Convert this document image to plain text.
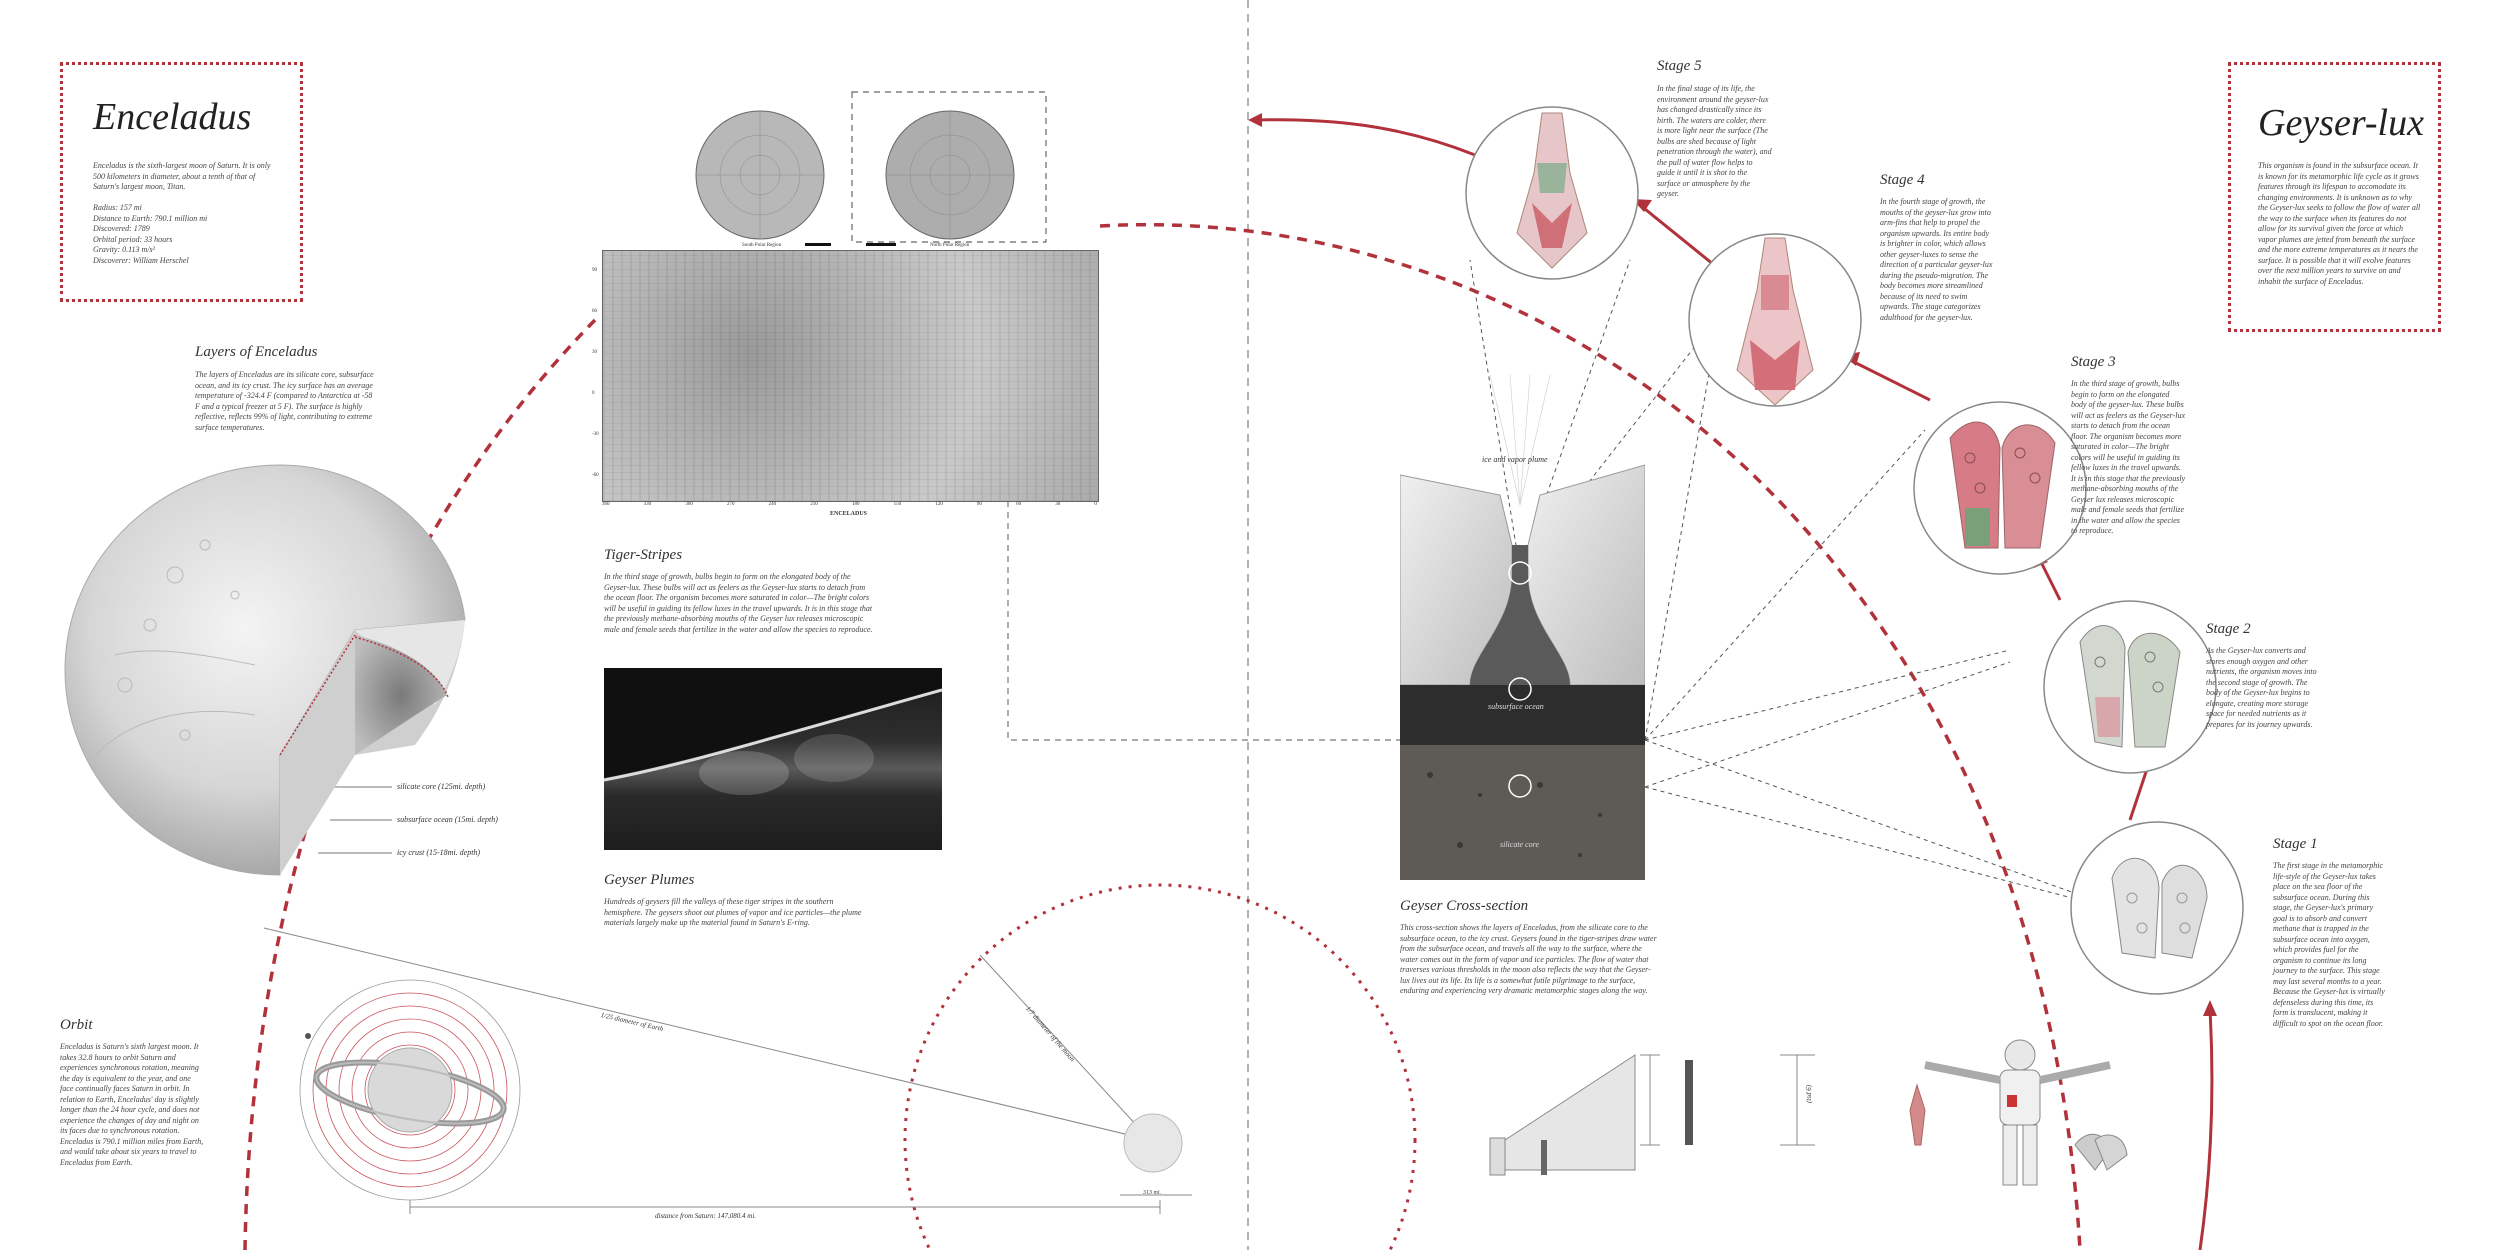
Enceladus
Enceladus is the sixth-largest moon of Saturn. It is only 500 kilometers in diameter, about a tenth of that of Saturn's largest moon, Titan.
Radius: 157 mi
Distance to Earth: 790.1 million mi
Discovered: 1789
Orbital period: 33 hours
Gravity: 0.113 m/s²
Discoverer: William Herschel
Layers of Enceladus
The layers of Enceladus are its silicate core, subsurface ocean, and its icy crust. The icy surface has an average temperature of -324.4 F (compared to Antarctica at -58 F and a typical freezer at 5 F). The surface is highly reflective, reflects 99% of light, contributing to extreme surface temperatures.
silicate core (125mi. depth)
subsurface ocean (15mi. depth)
icy crust (15-18mi. depth)
Orbit
Enceladus is Saturn's sixth largest moon. It takes 32.8 hours to orbit Saturn and experiences synchronous rotation, meaning the day is equivalent to the year, and one face continually faces Saturn in orbit. In relation to Earth, Enceladus' day is slightly longer than the 24 hour cycle, and does not experience the changes of day and night on its faces due to synchronous rotation. Enceladus is 790.1 million miles from Earth, and would take about six years to travel to Enceladus from Earth.
1/25 diameter of Earth	1/7 diameter of the moon
313 mi.
distance from Saturn: 147,080.4 mi.
South Polar Region	North Polar Region
90
60
30
0
-30
-60
360	330	300	270	240	210	180	150	120	90	60	30	0
ENCELADUS
Tiger-Stripes
In the third stage of growth, bulbs begin to form on the elongated body of the Geyser-lux. These bulbs will act as feelers as the Geyser-lux starts to detach from the ocean floor. The organism becomes more saturated in color—The bright colors will be useful in guiding its fellow luxes in the travel upwards. It is in this stage that the previously methane-absorbing mouths of the Geyser lux releases microscopic male and female seeds that fertilize in the water and allow the species to reproduce.
Geyser Plumes
Hundreds of geysers fill the valleys of these tiger stripes in the southern hemisphere. The geysers shoot out plumes of vapor and ice particles—the plume materials largely make up the material found in Saturn's E-ring.
ice and vapor plume
subsurface ocean
silicate core
Geyser Cross-section
This cross-section shows the layers of Enceladus, from the silicate core to the subsurface ocean, to the icy crust. Geysers found in the tiger-stripes draw water from the subsurface ocean, and travels all the way to the surface, where the water comes out in the form of vapor and ice particles. The flow of water that traverses various thresholds in the moon also reflects the way that the Geyser-lux lives out its life. Its life is a somewhat futile pilgrimage to the surface, enduring and experiencing very dramatic metamorphic stages along the way.
(tsd 6)
Geyser-lux
This organism is found in the subsurface ocean. It is known for its metamorphic life cycle as it grows features through its lifespan to accomodate its changing environments. It is unknown as to why the Geyser-lux seeks to follow the flow of water all the way to the surface when its features do not allow for its survival given the force at which vapor plumes are jetted from beneath the surface and the more extreme temperatures as it nears the surface. It is possible that it will evolve features over the next million years to survive on and inhabit the surface of Enceladus.
Stage 5
In the final stage of its life, the environment around the geyser-lux has changed drastically since its birth. The waters are colder, there is more light near the surface (The bulbs are shed because of light penetration through the water), and the pull of water flow helps to guide it until it is shot to the surface or atmosphere by the geyser.
Stage 4
In the fourth stage of growth, the mouths of the geyser-lux grow into arm-fins that help to propel the organism upwards. Its entire body is brighter in color, which allows other geyser-luxes to sense the direction of a particular geyser-lux during the pseudo-migration. The body becomes more streamlined because of its need to swim upwards. The stage categorizes adulthood for the geyser-lux.
Stage 3
In the third stage of growth, bulbs begin to form on the elongated body of the geyser-lux. These bulbs will act as feelers as the Geyser-lux starts to detach from the ocean floor. The organism becomes more saturated in color—The bright colors will be useful in guiding its fellow luxes in the travel upwards. It is in this stage that the previously methane-absorbing mouths of the Geyser lux releases microscopic male and female seeds that fertilize in the water and allow the species to reproduce.
Stage 2
As the Geyser-lux converts and stores enough oxygen and other nutrients, the organism moves into the second stage of growth. The body of the Geyser-lux begins to elongate, creating more storage space for needed nutrients as it prepares for its journey upwards.
Stage 1
The first stage in the metamorphic life-style of the Geyser-lux takes place on the sea floor of the subsurface ocean. During this stage, the Geyser-lux's primary goal is to absorb and convert methane that is trapped in the subsurface ocean into oxygen, which provides fuel for the organism to continue its long journey to the surface. This stage may last several months to a year. Because the Geyser-lux is virtually defenseless during this time, its form is translucent, making it difficult to spot on the ocean floor.
